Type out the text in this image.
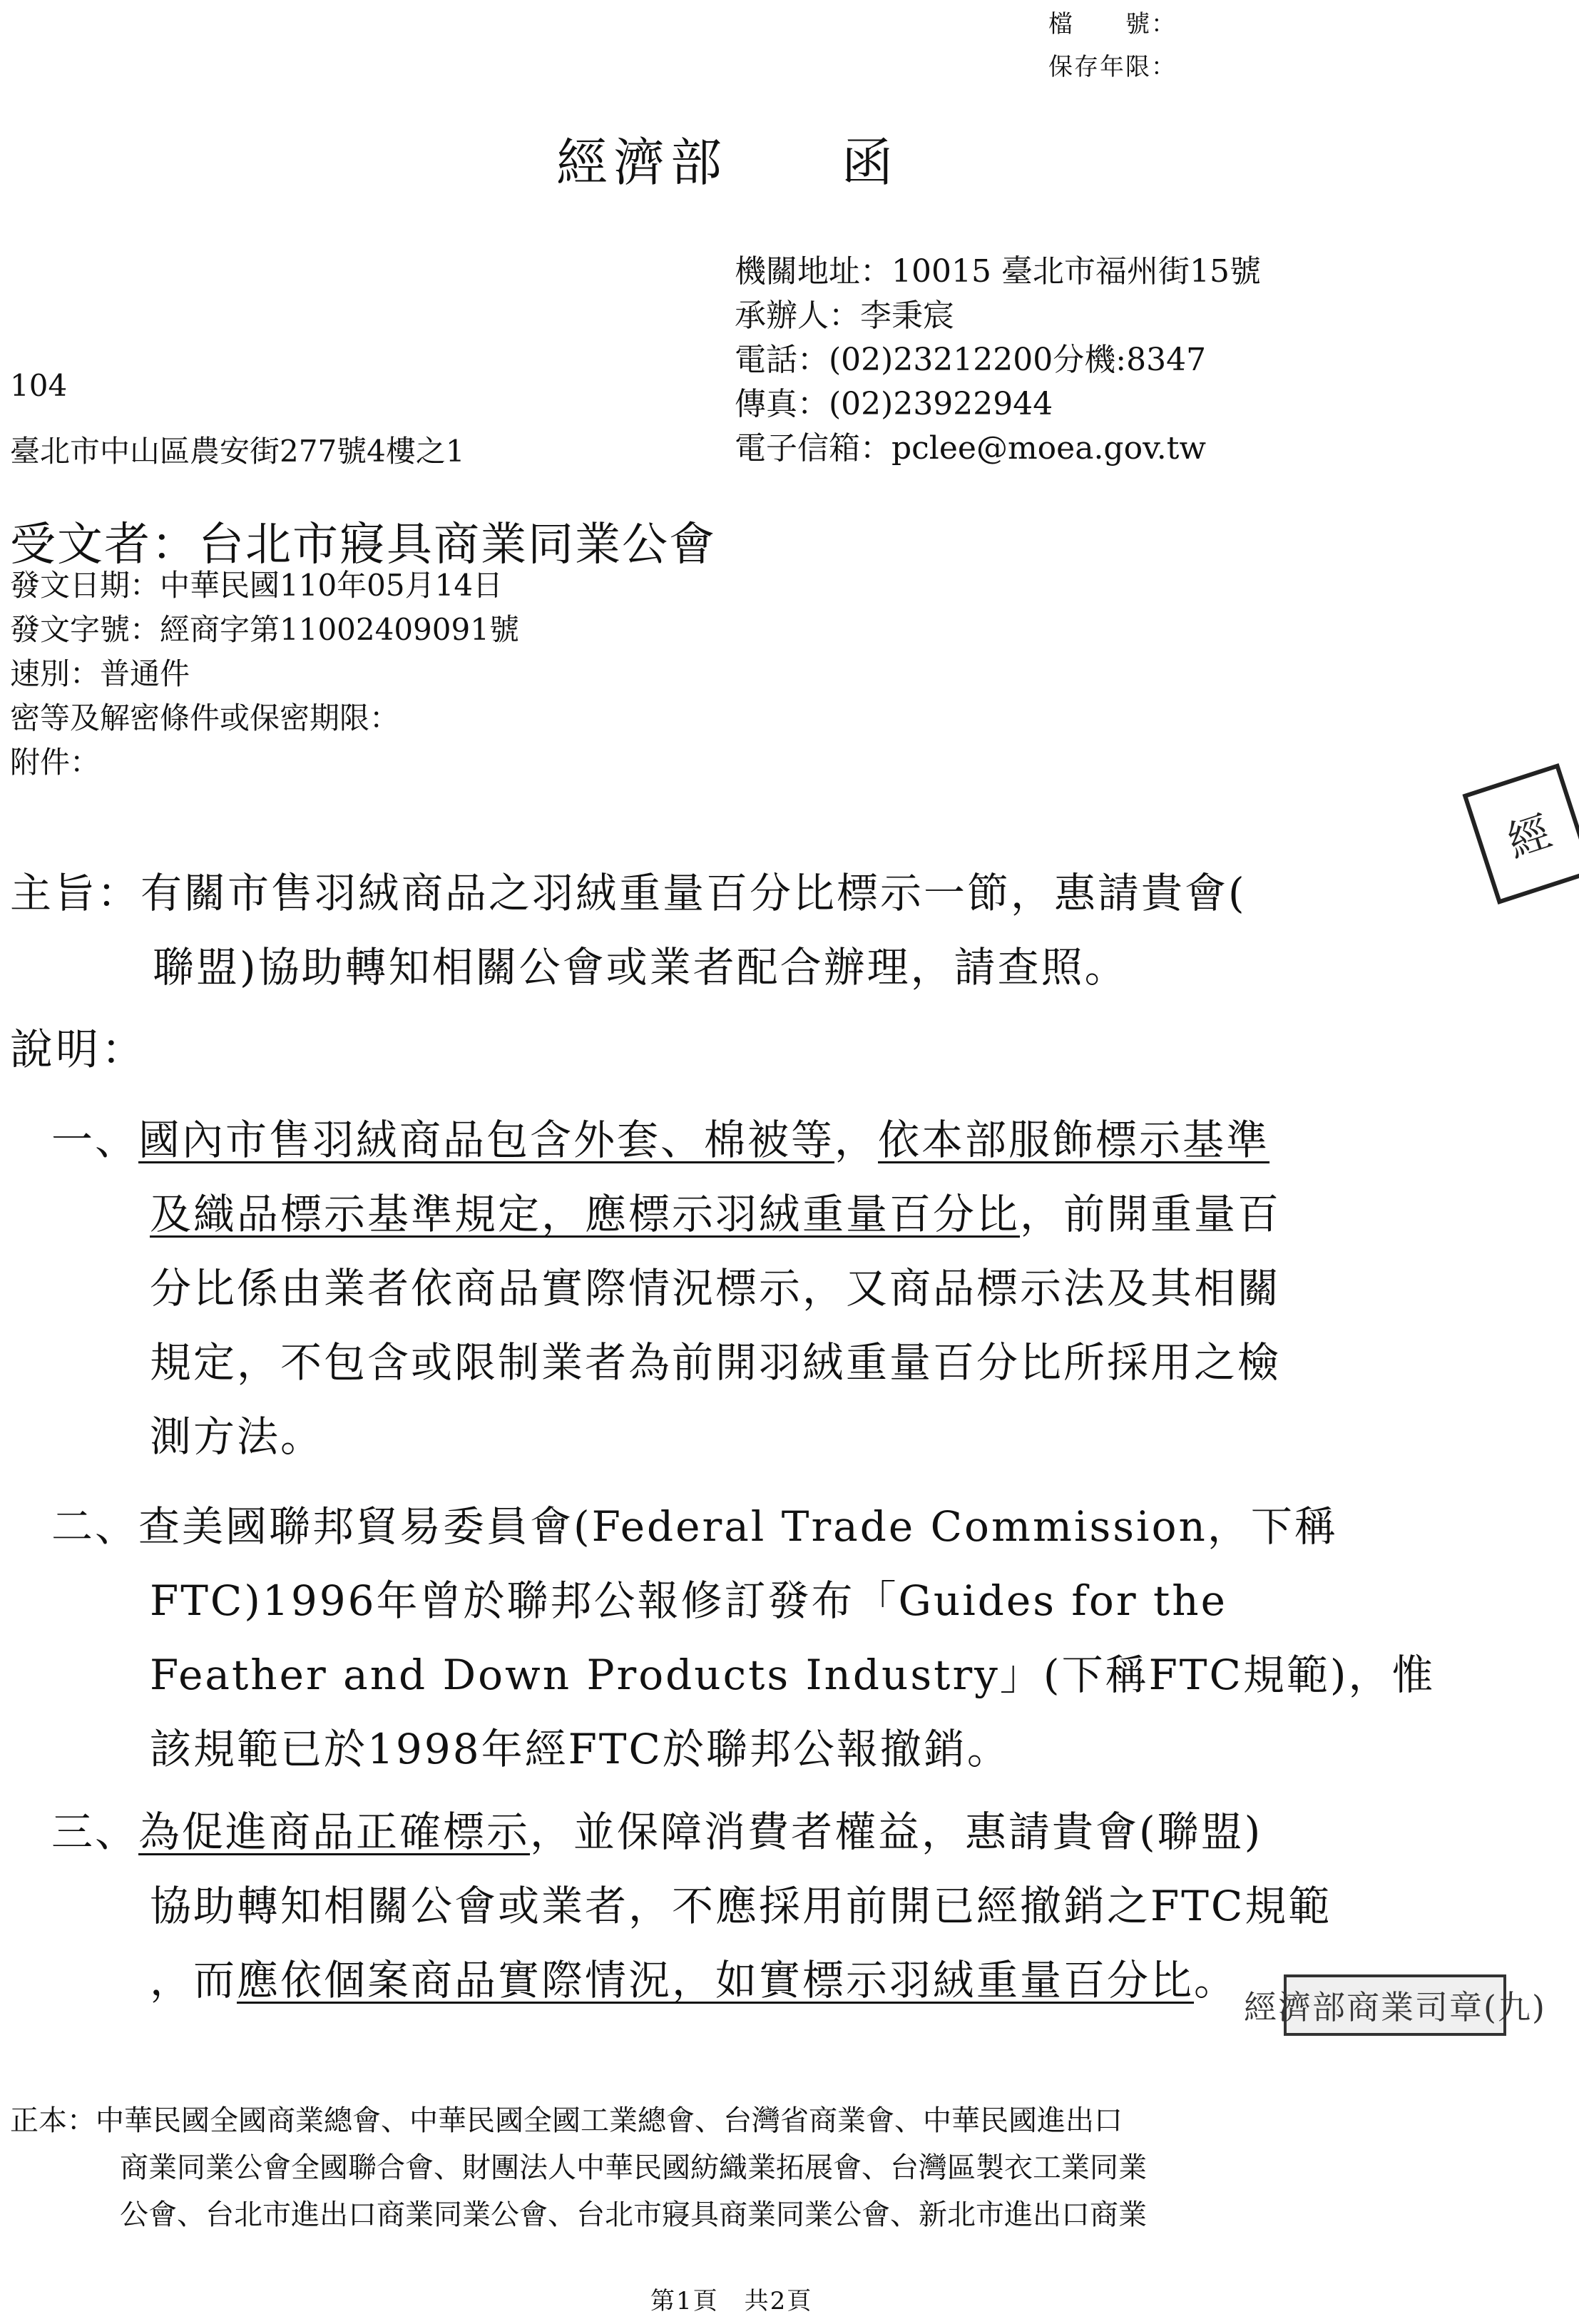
檔　　號：
保存年限：
經濟部　　函
機關地址：10015 臺北市福州街15號
承辦人：李秉宸
電話：(02)23212200分機:8347
傳真：(02)23922944
電子信箱：pclee@moea.gov.tw
104
臺北市中山區農安街277號4樓之1
受文者：台北市寢具商業同業公會
發文日期：中華民國110年05月14日
發文字號：經商字第11002409091號
速別：普通件
密等及解密條件或保密期限：
附件：
經
主旨：有關市售羽絨商品之羽絨重量百分比標示一節，惠請貴會(
聯盟)協助轉知相關公會或業者配合辦理，請查照。
說明：
一、國內市售羽絨商品包含外套、棉被等，依本部服飾標示基準
及織品標示基準規定，應標示羽絨重量百分比，前開重量百
分比係由業者依商品實際情況標示，又商品標示法及其相關
規定，不包含或限制業者為前開羽絨重量百分比所採用之檢
測方法。
二、查美國聯邦貿易委員會(Federal Trade Commission，下稱
FTC)1996年曾於聯邦公報修訂發布「Guides for the
Feather and Down Products Industry」(下稱FTC規範)，惟
該規範已於1998年經FTC於聯邦公報撤銷。
三、為促進商品正確標示，並保障消費者權益，惠請貴會(聯盟)
協助轉知相關公會或業者，不應採用前開已經撤銷之FTC規範
，而應依個案商品實際情況，如實標示羽絨重量百分比。
經濟部商業司章(九)
正本：中華民國全國商業總會、中華民國全國工業總會、台灣省商業會、中華民國進出口
商業同業公會全國聯合會、財團法人中華民國紡織業拓展會、台灣區製衣工業同業
公會、台北市進出口商業同業公會、台北市寢具商業同業公會、新北市進出口商業
第1頁　共2頁
